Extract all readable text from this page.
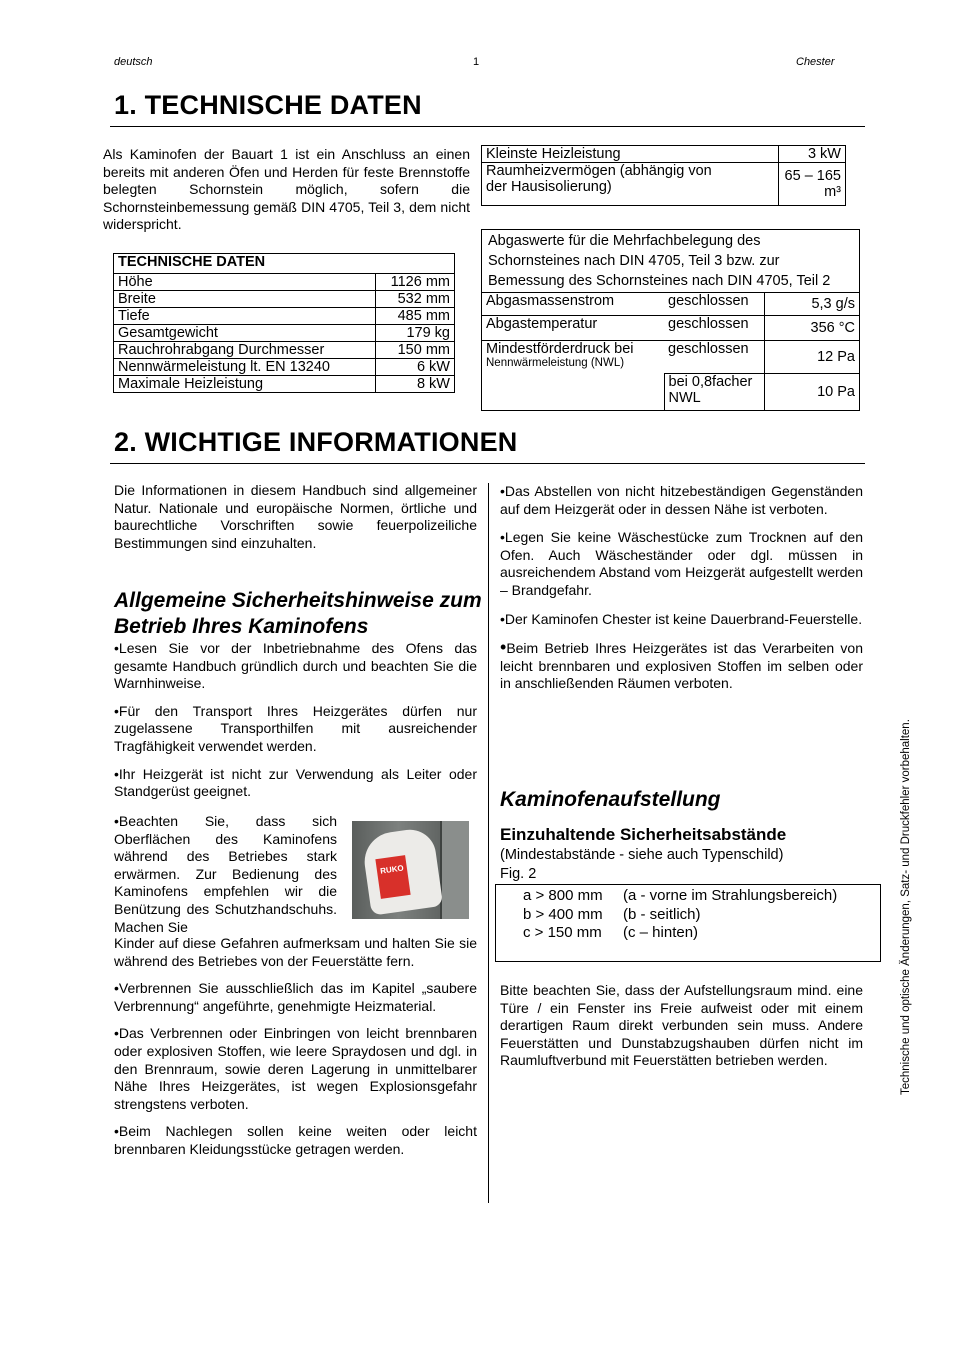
deutsch	1	Chester
1. TECHNISCHE DATEN
Als Kaminofen der Bauart 1 ist ein Anschluss an einen bereits mit anderen Öfen und Herden für feste Brennstoffe belegten Schornstein möglich, sofern die Schornsteinbemessung gemäß DIN 4705, Teil 3, dem nicht widerspricht.
TECHNISCHE DATEN	
Höhe	1126 mm
Breite	532 mm
Tiefe	485 mm
Gesamtgewicht	179 kg
Rauchrohrabgang Durchmesser	150 mm
Nennwärmeleistung lt. EN 13240	6 kW
Maximale Heizleistung	8 kW
Kleinste Heizleistung	3 kW
Raumheizvermögen (abhängig von der Hausisolierung)	65 – 165 m³
Abgaswerte für die Mehrfachbelegung des Schornsteines nach DIN 4705, Teil 3 bzw. zur Bemessung des Schornsteines nach DIN 4705, Teil 2		
Abgasmassenstrom	geschlossen	5,3 g/s
Abgastemperatur	geschlossen	356 °C

Mindestförderdruck bei
Nennwärmeleistung (NWL)	geschlossen	12 Pa
	bei 0,8facher NWL	10 Pa
2. WICHTIGE INFORMATIONEN
Die Informationen in diesem Handbuch sind allgemeiner Natur. Nationale und europäische Normen, örtliche und baurechtliche Vorschriften sowie feuerpolizeiliche Bestimmungen sind einzuhalten.
Allgemeine Sicherheitshinweise zum Betrieb Ihres Kaminofens
•Lesen Sie vor der Inbetriebnahme des Ofens das gesamte Handbuch gründlich durch und beachten Sie die Warnhinweise.
•Für den Transport Ihres Heizgerätes dürfen nur zugelassene Transporthilfen mit ausreichender Tragfähigkeit verwendet werden.
•Ihr Heizgerät ist nicht zur Verwendung als Leiter oder Standgerüst geeignet.
•Beachten Sie, dass sich Oberflächen des Kaminofens während des Betriebes stark erwärmen. Zur Bedienung des Kaminofens empfehlen wir die Benützung des Schutzhandschuhs. Machen Sie
RUKO
Kinder auf diese Gefahren aufmerksam und halten Sie sie während des Betriebes von der Feuerstätte fern.
•Verbrennen Sie ausschließlich das im Kapitel „saubere Verbrennung“ angeführte, genehmigte Heizmaterial.
•Das Verbrennen oder Einbringen von leicht brennbaren oder explosiven Stoffen, wie leere Spraydosen und dgl. in den Brennraum, sowie deren Lagerung in unmittelbarer Nähe Ihres Heizgerätes, ist wegen Explosionsgefahr strengstens verboten.
•Beim Nachlegen sollen keine weiten oder leicht brennbaren Kleidungsstücke getragen werden.
•Das Abstellen von nicht hitzebeständigen Gegenständen auf dem Heizgerät oder in dessen Nähe ist verboten.
•Legen Sie keine Wäschestücke zum Trocknen auf den Ofen. Auch Wäscheständer oder dgl. müssen in ausreichendem Abstand vom Heizgerät aufgestellt werden – Brandgefahr.
•Der Kaminofen Chester ist keine Dauerbrand-Feuerstelle.
•Beim Betrieb Ihres Heizgerätes ist das Verarbeiten von leicht brennbaren und explosiven Stoffen im selben oder in anschließenden Räumen verboten.
Kaminofenaufstellung
Einzuhaltende Sicherheitsabstände
(Mindestabstände - siehe auch Typenschild)
Fig. 2
a > 800 mm (a - vorne im Strahlungsbereich)
b > 400 mm (b - seitlich)
c > 150 mm (c – hinten)
Bitte beachten Sie, dass der Aufstellungsraum mind. eine Türe / ein Fenster ins Freie aufweist oder mit einem derartigen Raum direkt verbunden sein muss. Andere Feuerstätten und Dunstabzugshauben dürfen nicht im Raumluftverbund mit Feuerstätten betrieben werden.	Technische und optische Änderungen, Satz- und Druckfehler vorbehalten.
